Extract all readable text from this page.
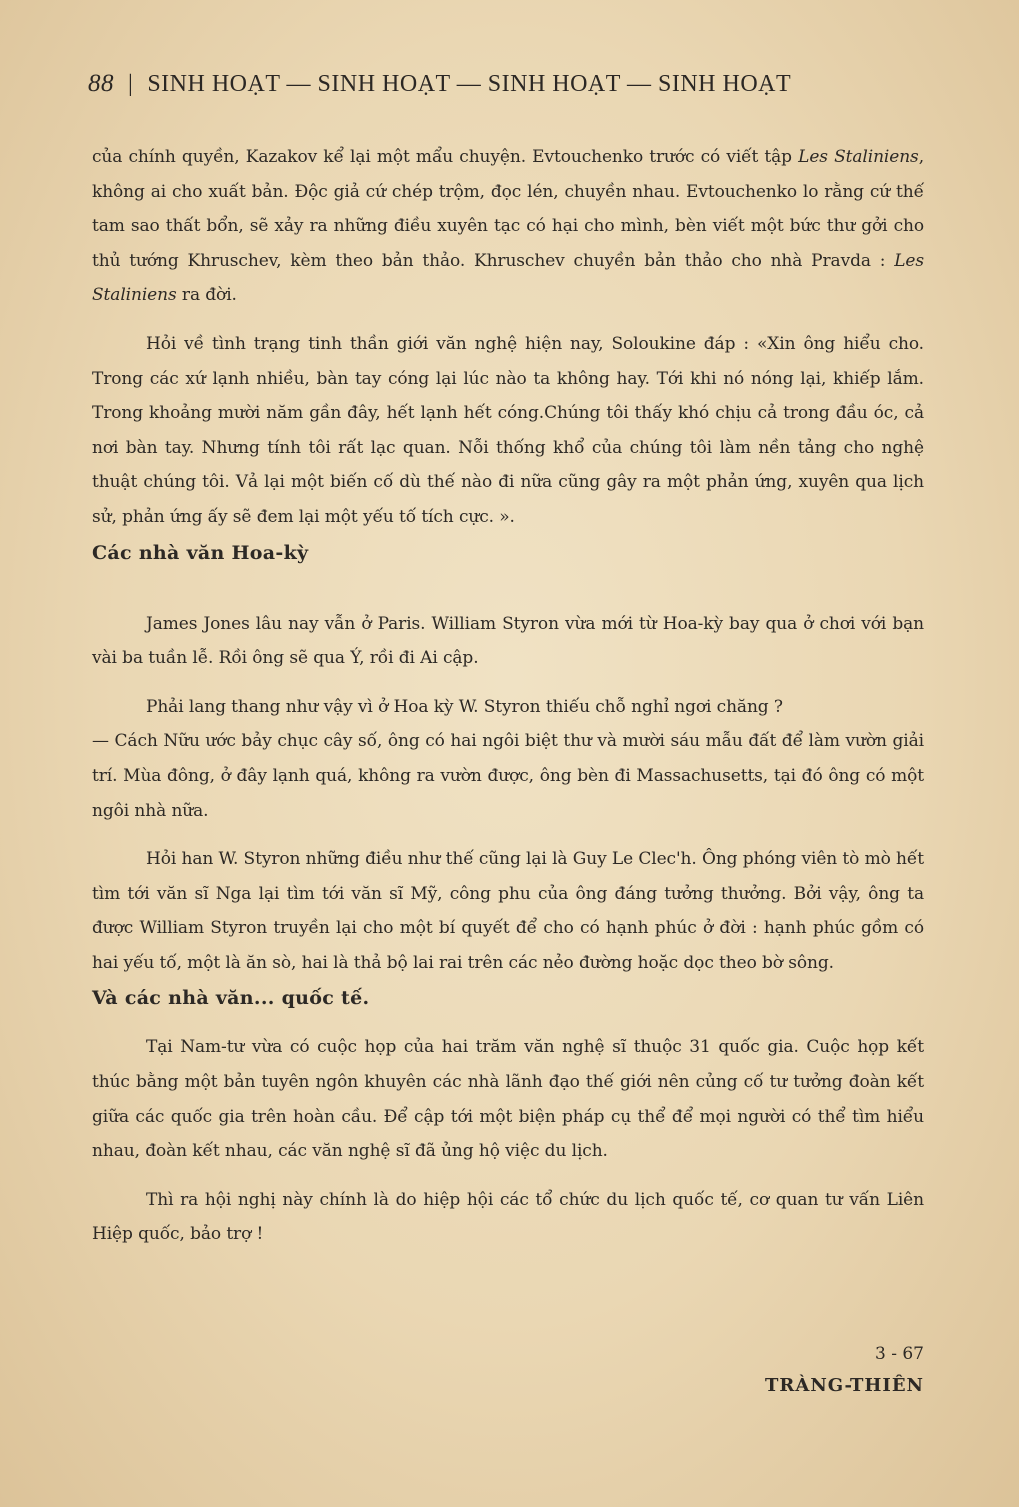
88 | SINH HOẠT — SINH HOẠT — SINH HOẠT — SINH HOẠT

của chính quyền, Kazakov kể lại một mẩu chuyện. Evtouchenko trước có viết tập Les Staliniens, không ai cho xuất bản. Độc giả cứ chép trộm, đọc lén, chuyền nhau. Evtouchenko lo rằng cứ thế tam sao thất bổn, sẽ xảy ra những điều xuyên tạc có hại cho mình, bèn viết một bức thư gởi cho thủ tướng Khruschev, kèm theo bản thảo. Khruschev chuyền bản thảo cho nhà Pravda : Les Staliniens ra đời.

Hỏi về tình trạng tinh thần giới văn nghệ hiện nay, Soloukine đáp : «Xin ông hiểu cho. Trong các xứ lạnh nhiều, bàn tay cóng lại lúc nào ta không hay. Tới khi nó nóng lại, khiếp lắm. Trong khoảng mười năm gần đây, hết lạnh hết cóng.Chúng tôi thấy khó chịu cả trong đầu óc, cả nơi bàn tay. Nhưng tính tôi rất lạc quan. Nỗi thống khổ của chúng tôi làm nền tảng cho nghệ thuật chúng tôi. Vả lại một biến cố dù thế nào đi nữa cũng gây ra một phản ứng, xuyên qua lịch sử, phản ứng ấy sẽ đem lại một yếu tố tích cực. ».

Các nhà văn Hoa-kỳ

James Jones lâu nay vẫn ở Paris. William Styron vừa mới từ Hoa-kỳ bay qua ở chơi với bạn vài ba tuần lễ. Rồi ông sẽ qua Ý, rồi đi Ai cập.

Phải lang thang như vậy vì ở Hoa kỳ W. Styron thiếu chỗ nghỉ ngơi chăng ?

— Cách Nữu ước bảy chục cây số, ông có hai ngôi biệt thư và mười sáu mẫu đất để làm vườn giải trí. Mùa đông, ở đây lạnh quá, không ra vườn được, ông bèn đi Massachusetts, tại đó ông có một ngôi nhà nữa.

Hỏi han W. Styron những điều như thế cũng lại là Guy Le Clec'h. Ông phóng viên tò mò hết tìm tới văn sĩ Nga lại tìm tới văn sĩ Mỹ, công phu của ông đáng tưởng thưởng. Bởi vậy, ông ta được William Styron truyền lại cho một bí quyết để cho có hạnh phúc ở đời : hạnh phúc gồm có hai yếu tố, một là ăn sò, hai là thả bộ lai rai trên các nẻo đường hoặc dọc theo bờ sông.

Và các nhà văn... quốc tế.

Tại Nam-tư vừa có cuộc họp của hai trăm văn nghệ sĩ thuộc 31 quốc gia. Cuộc họp kết thúc bằng một bản tuyên ngôn khuyên các nhà lãnh đạo thế giới nên củng cố tư tưởng đoàn kết giữa các quốc gia trên hoàn cầu. Để cập tới một biện pháp cụ thể để mọi người có thể tìm hiểu nhau, đoàn kết nhau, các văn nghệ sĩ đã ủng hộ việc du lịch.

Thì ra hội nghị này chính là do hiệp hội các tổ chức du lịch quốc tế, cơ quan tư vấn Liên Hiệp quốc, bảo trợ !

3 - 67
TRÀNG-THIÊN
